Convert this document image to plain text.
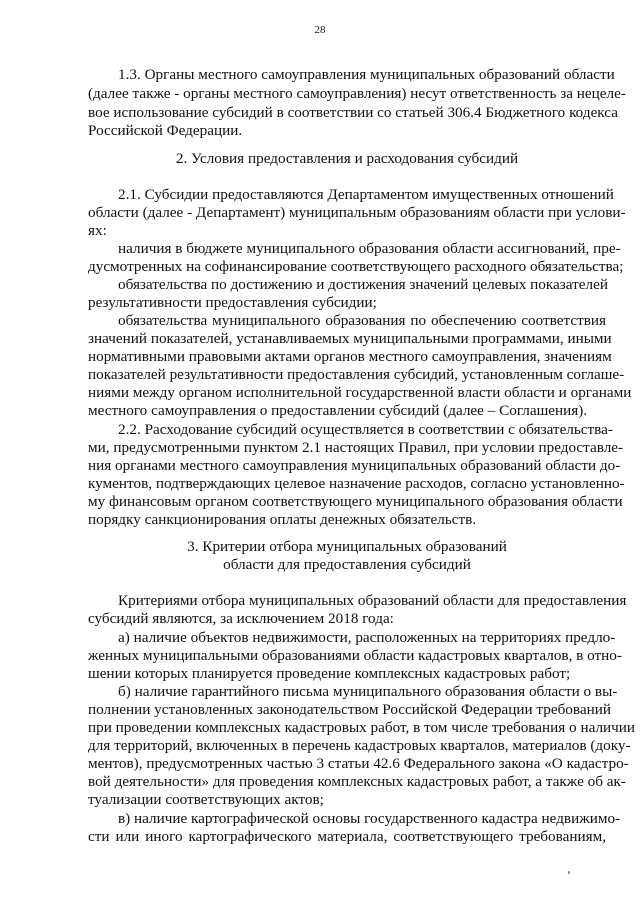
28
1.3. Органы местного самоуправления муниципальных образований области
(далее также - органы местного самоуправления) несут ответственность за нецеле-
вое использование субсидий в соответствии со статьей 306.4 Бюджетного кодекса
Российской Федерации.
2. Условия предоставления и расходования субсидий
2.1. Субсидии предоставляются Департаментом имущественных отношений
области (далее - Департамент) муниципальным образованиям области при услови-
ях:
наличия в бюджете муниципального образования области ассигнований, пре-
дусмотренных на софинансирование соответствующего расходного обязательства;
обязательства по достижению и достижения значений целевых показателей
результативности предоставления субсидии;
обязательства муниципального образования по обеспечению соответствия
значений показателей, устанавливаемых муниципальными программами, иными
нормативными правовыми актами органов местного самоуправления, значениям
показателей результативности предоставления субсидий, установленным соглаше-
ниями между органом исполнительной государственной власти области и органами
местного самоуправления о предоставлении субсидий (далее – Соглашения).
2.2. Расходование субсидий осуществляется в соответствии с обязательства-
ми, предусмотренными пунктом 2.1 настоящих Правил, при условии предоставле-
ния органами местного самоуправления муниципальных образований области до-
кументов, подтверждающих целевое назначение расходов, согласно установленно-
му финансовым органом соответствующего муниципального образования области
порядку санкционирования оплаты денежных обязательств.
3. Критерии отбора муниципальных образований
области для предоставления субсидий
Критериями отбора муниципальных образований области для предоставления
субсидий являются, за исключением 2018 года:
а) наличие объектов недвижимости, расположенных на территориях предло-
женных муниципальными образованиями области кадастровых кварталов, в отно-
шении которых планируется проведение комплексных кадастровых работ;
б) наличие гарантийного письма муниципального образования области о вы-
полнении установленных законодательством Российской Федерации требований
при проведении комплексных кадастровых работ, в том числе требования о наличии
для территорий, включенных в перечень кадастровых кварталов, материалов (доку-
ментов), предусмотренных частью 3 статьи 42.6 Федерального закона «О кадастро-
вой деятельности» для проведения комплексных кадастровых работ, а также об ак-
туализации соответствующих актов;
в) наличие картографической основы государственного кадастра недвижимо-
сти или иного картографического материала, соответствующего требованиям,
